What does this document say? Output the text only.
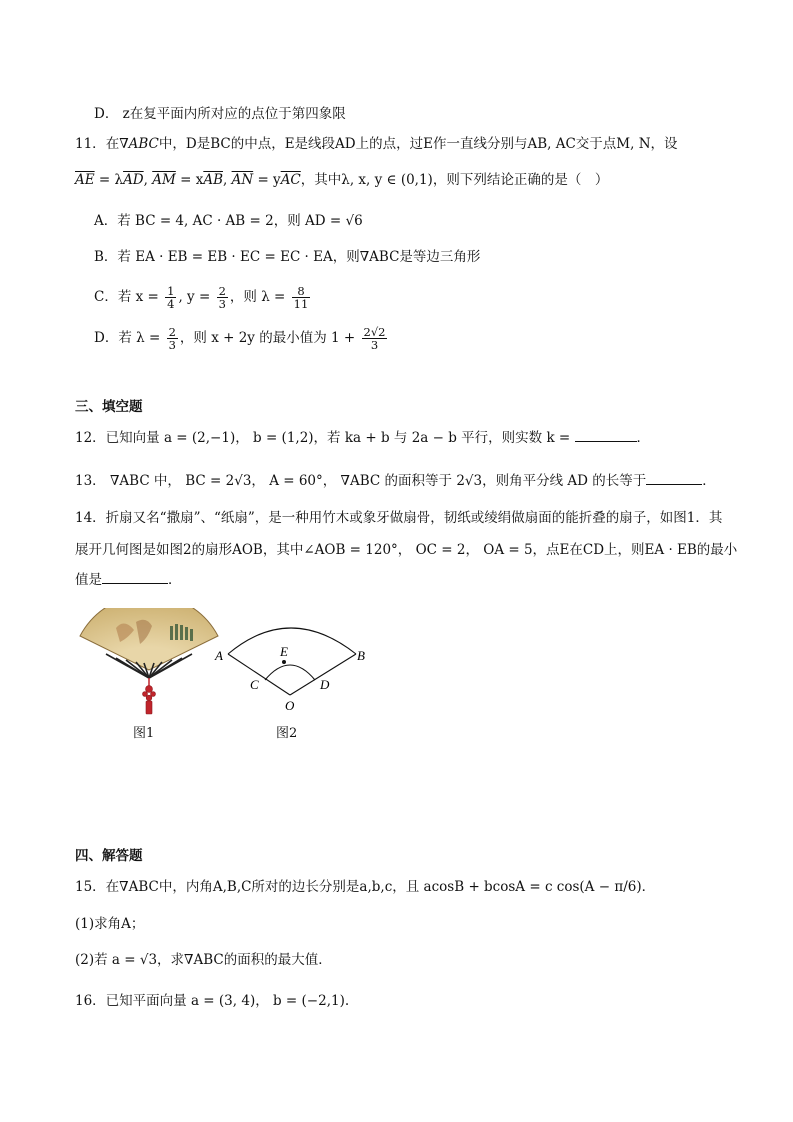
D． z在复平面内所对应的点位于第四象限
11．在∇ABC中，D是BC的中点，E是线段AD上的点，过E作一直线分别与AB, AC交于点M, N，设
$\overline{AE} = \lambda\overline{AD}$, $\overline{AM} = x\overline{AB}$, $\overline{AN} = y\overline{AC}$，其中λ, x, y ∈ (0,1)，则下列结论正确的是（　）
A．若 BC = 4, AC · AB = 2，则 AD = √6
B．若 EA · EB = EB · EC = EC · EA，则∇ABC是等边三角形
C．若 $x = \frac{1}{4}$ , $y = \frac{2}{3}$ ，则 $\lambda = \frac{8}{11}$
D．若 $\lambda = \frac{2}{3}$ ，则 x + 2y 的最小值为 $1 + \frac{2√2}{3}$
三、填空题
12．已知向量 a = (2,−1)， b = (1,2)，若 ka + b 与 2a − b 平行，则实数 k =	．
13． ∇ABC 中， BC = 2√3， A = 60°， ∇ABC 的面积等于 2√3，则角平分线 AD 的长等于	．
14．折扇又名“撒扇”、“纸扇”，是一种用竹木或象牙做扇骨，韧纸或绫绢做扇面的能折叠的扇子，如图1．其
展开几何图是如图2的扇形AOB，其中∠AOB = 120°， OC = 2， OA = 5，点E在CD上，则EA · EB的最小
值是	．
A	B
C	D
E
O
图1	图2
四、解答题
15．在∇ABC中，内角A,B,C所对的边长分别是a,b,c，且 acosB + bcosA = c cos(A − π/6)．
(1)求角A；
(2)若 a = √3，求∇ABC的面积的最大值．
16．已知平面向量 a = (3, 4)， b = (−2,1).
